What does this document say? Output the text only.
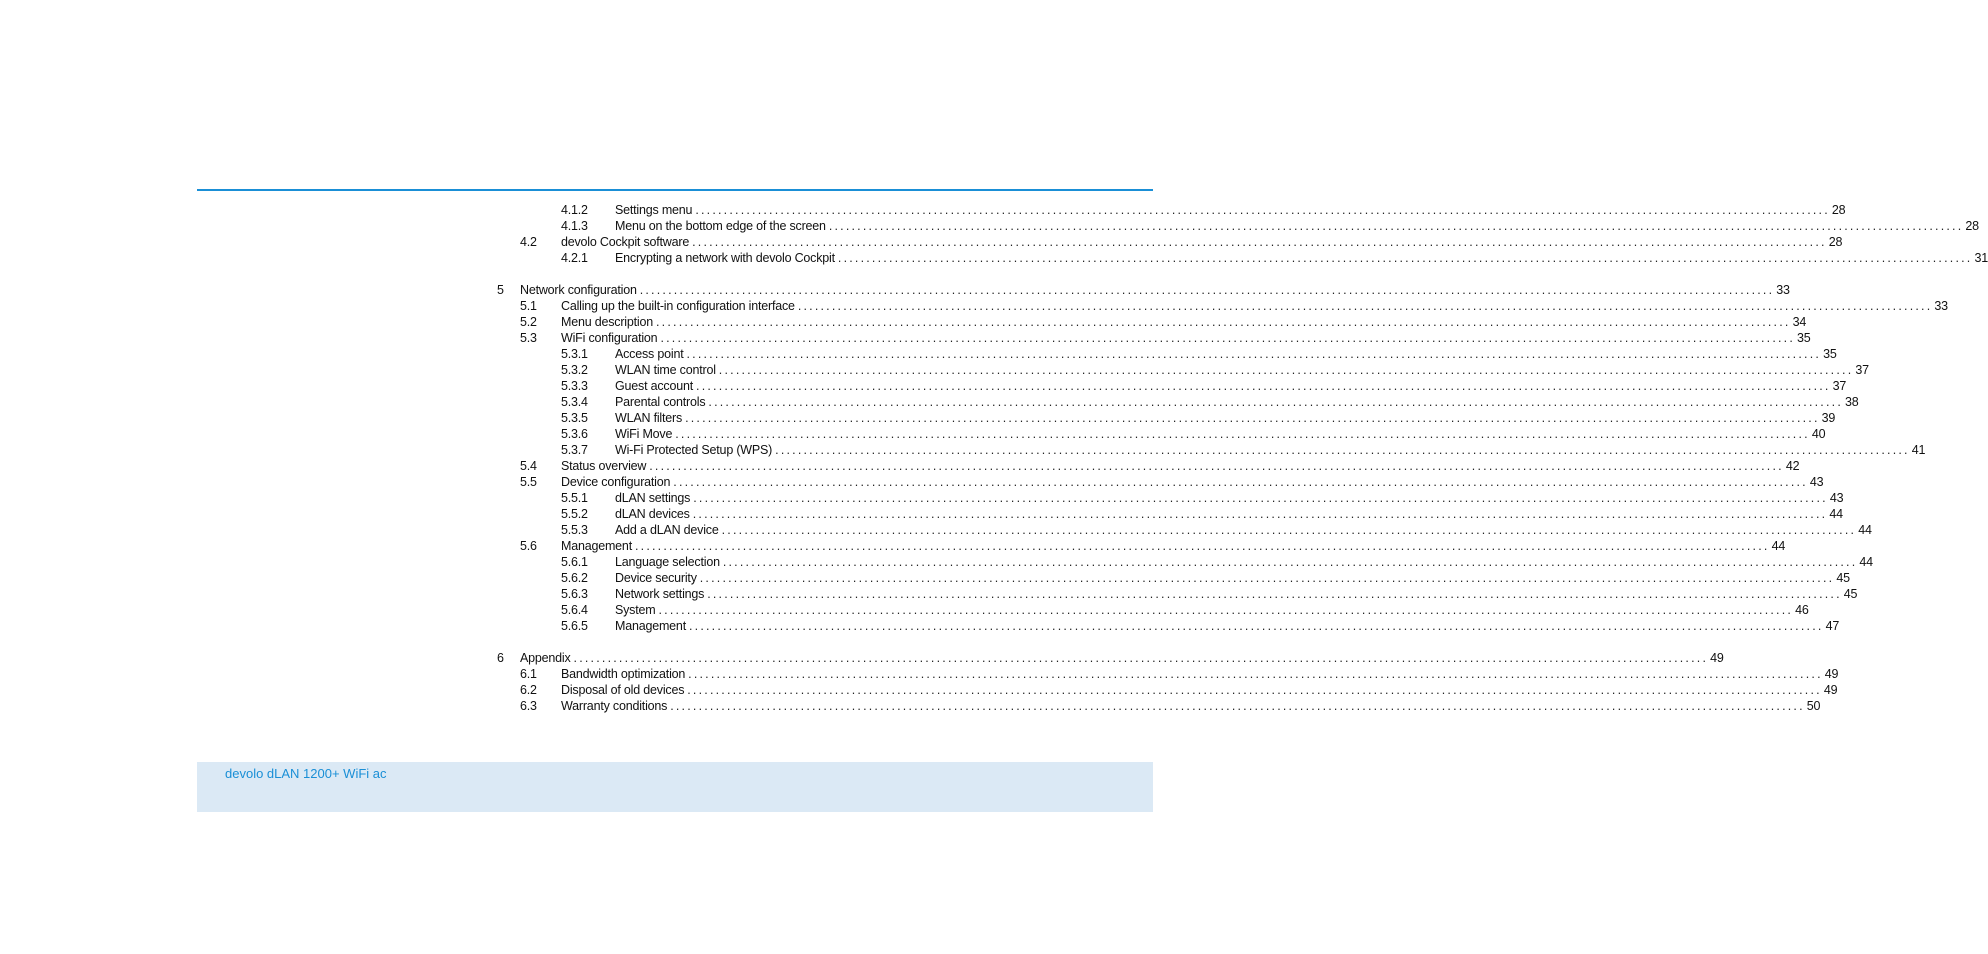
4.1.2 Settings menu ........................................................................................................................................................................................................ 28
4.1.3 Menu on the bottom edge of the screen ........................................................................................................................................................................................................ 28
4.2 devolo Cockpit software ........................................................................................................................................................................................................ 28
4.2.1 Encrypting a network with devolo Cockpit ........................................................................................................................................................................................................ 31
5 Network configuration ........................................................................................................................................................................................................ 33
5.1 Calling up the built-in configuration interface ........................................................................................................................................................................................................ 33
5.2 Menu description ........................................................................................................................................................................................................ 34
5.3 WiFi configuration ........................................................................................................................................................................................................ 35
5.3.1 Access point ........................................................................................................................................................................................................ 35
5.3.2 WLAN time control ........................................................................................................................................................................................................ 37
5.3.3 Guest account ........................................................................................................................................................................................................ 37
5.3.4 Parental controls ........................................................................................................................................................................................................ 38
5.3.5 WLAN filters ........................................................................................................................................................................................................ 39
5.3.6 WiFi Move ........................................................................................................................................................................................................ 40
5.3.7 Wi-Fi Protected Setup (WPS) ........................................................................................................................................................................................................ 41
5.4 Status overview ........................................................................................................................................................................................................ 42
5.5 Device configuration ........................................................................................................................................................................................................ 43
5.5.1 dLAN settings ........................................................................................................................................................................................................ 43
5.5.2 dLAN devices ........................................................................................................................................................................................................ 44
5.5.3 Add a dLAN device ........................................................................................................................................................................................................ 44
5.6 Management ........................................................................................................................................................................................................ 44
5.6.1 Language selection ........................................................................................................................................................................................................ 44
5.6.2 Device security ........................................................................................................................................................................................................ 45
5.6.3 Network settings ........................................................................................................................................................................................................ 45
5.6.4 System ........................................................................................................................................................................................................ 46
5.6.5 Management ........................................................................................................................................................................................................ 47
6 Appendix ........................................................................................................................................................................................................ 49
6.1 Bandwidth optimization ........................................................................................................................................................................................................ 49
6.2 Disposal of old devices ........................................................................................................................................................................................................ 49
6.3 Warranty conditions ........................................................................................................................................................................................................ 50
devolo dLAN 1200+ WiFi ac
